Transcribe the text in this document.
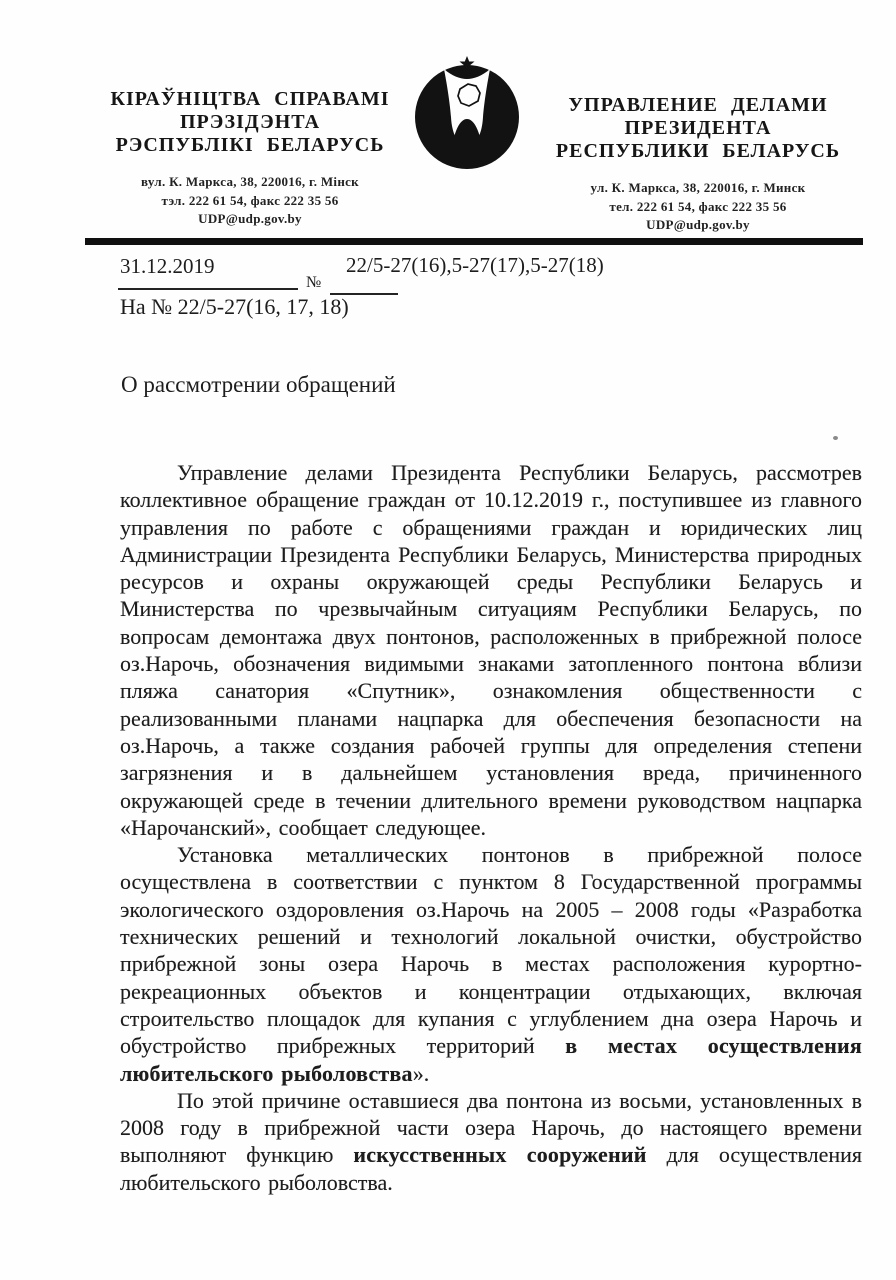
КІРАЎНІЦТВА СПРАВАМІ
ПРЭЗІДЭНТА
РЭСПУБЛІКІ БЕЛАРУСЬ
вул. К. Маркса, 38, 220016, г. Мінск
тэл. 222 61 54, факс 222 35 56
UDP@udp.gov.by
УПРАВЛЕНИЕ ДЕЛАМИ
ПРЕЗИДЕНТА
РЕСПУБЛИКИ БЕЛАРУСЬ
ул. К. Маркса, 38, 220016, г. Минск
тел. 222 61 54, факс 222 35 56
UDP@udp.gov.by
31.12.2019
№
22/5-27(16),5-27(17),5-27(18)
На № 22/5-27(16, 17, 18)
О рассмотрении обращений

Управление делами Президента Республики Беларусь, рассмотрев коллективное обращение граждан от 10.12.2019 г., поступившее из главного управления по работе с обращениями граждан и юридических лиц Администрации Президента Республики Беларусь, Министерства природных ресурсов и охраны окружающей среды Республики Беларусь и Министерства по чрезвычайным ситуациям Республики Беларусь, по вопросам демонтажа двух понтонов, расположенных в прибрежной полосе оз.Нарочь, обозначения видимыми знаками затопленного понтона вблизи пляжа санатория «Спутник», ознакомления общественности с реализованными планами нацпарка для обеспечения безопасности на оз.Нарочь, а также создания рабочей группы для определения степени загрязнения и в дальнейшем установления вреда, причиненного окружающей среде в течении длительного времени руководством нацпарка «Нарочанский», сообщает следующее.

Установка металлических понтонов в прибрежной полосе осуществлена в соответствии с пунктом 8 Государственной программы экологического оздоровления оз.Нарочь на 2005 – 2008 годы «Разработка технических решений и технологий локальной очистки, обустройство прибрежной зоны озера Нарочь в местах расположения курортно-рекреационных объектов и концентрации отдыхающих, включая строительство площадок для купания с углублением дна озера Нарочь и обустройство прибрежных территорий в местах осуществления любительского рыболовства».

По этой причине оставшиеся два понтона из восьми, установленных в 2008 году в прибрежной части озера Нарочь, до настоящего времени выполняют функцию искусственных сооружений для осуществления любительского рыболовства.
